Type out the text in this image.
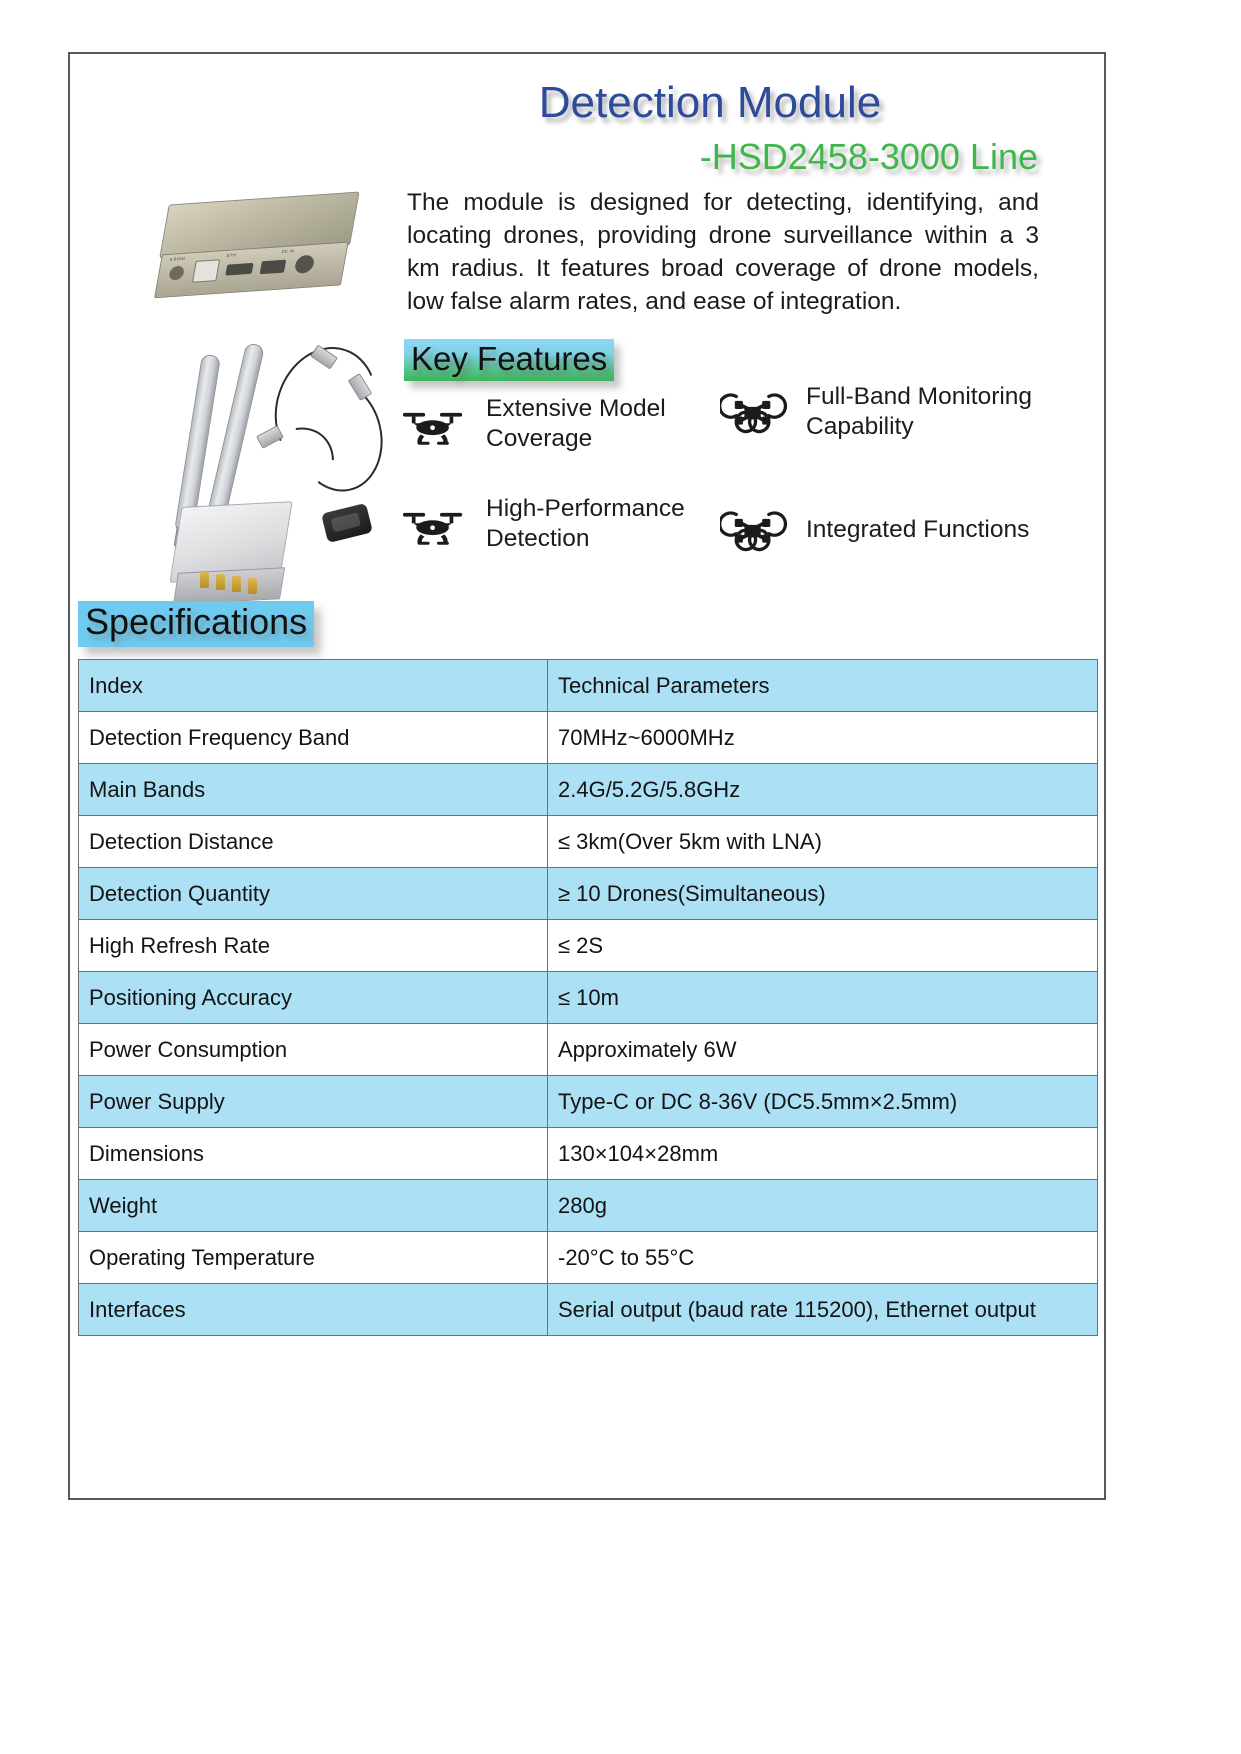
5.8GHz
ETH
DC IN
Detection Module
-HSD2458-3000 Line
The module is designed for detecting, identifying, and locating drones, providing drone surveillance within a 3 km radius. It features broad coverage of drone models, low false alarm rates, and ease of integration.
Key Features
Extensive Model Coverage
Full-Band Monitoring Capability
High-Performance Detection	Integrated Functions
Specifications
Index	Technical Parameters
Detection Frequency Band	70MHz~6000MHz
Main Bands	2.4G/5.2G/5.8GHz
Detection Distance	≤ 3km(Over 5km with LNA)
Detection Quantity	≥ 10 Drones(Simultaneous)
High Refresh Rate	≤ 2S
Positioning Accuracy	≤ 10m
Power Consumption	Approximately 6W
Power Supply	Type-C or DC 8-36V (DC5.5mm×2.5mm)
Dimensions	130×104×28mm
Weight	280g
Operating Temperature	-20°C to 55°C
Interfaces	Serial output (baud rate 115200), Ethernet output
